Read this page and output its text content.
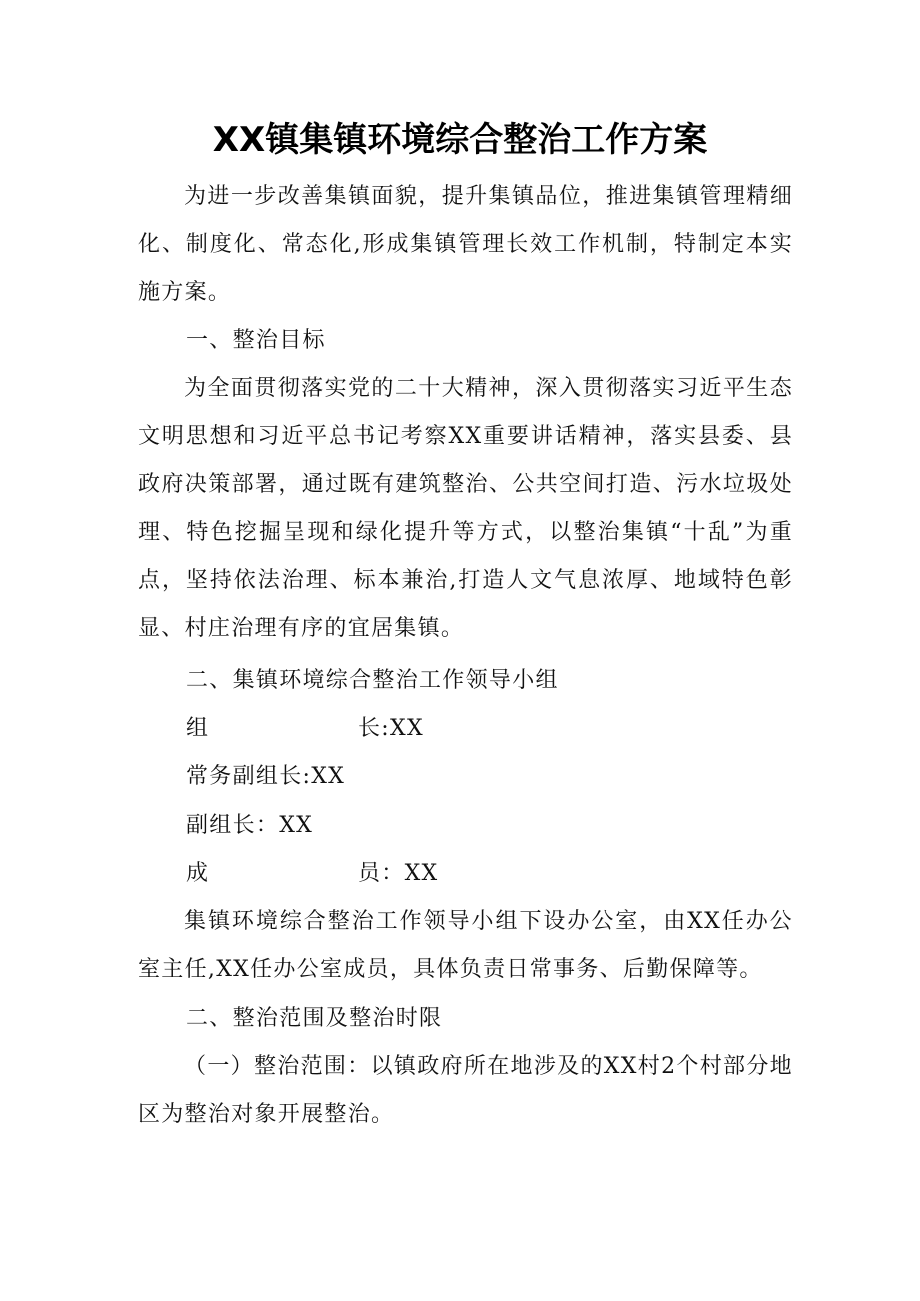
XX镇集镇环境综合整治工作方案

为进一步改善集镇面貌，提升集镇品位，推进集镇管理精细化、制度化、常态化,形成集镇管理长效工作机制，特制定本实施方案。

一、整治目标

为全面贯彻落实党的二十大精神，深入贯彻落实习近平生态文明思想和习近平总书记考察XX重要讲话精神，落实县委、县政府决策部署，通过既有建筑整治、公共空间打造、污水垃圾处理、特色挖掘呈现和绿化提升等方式，以整治集镇“十乱”为重点，坚持依法治理、标本兼治,打造人文气息浓厚、地域特色彰显、村庄治理有序的宜居集镇。

二、集镇环境综合整治工作领导小组

组	长:XX
常务副组长:XX
副组长：XX
成	员：XX

集镇环境综合整治工作领导小组下设办公室，由XX任办公室主任,XX任办公室成员，具体负责日常事务、后勤保障等。

二、整治范围及整治时限

（一）整治范围：以镇政府所在地涉及的XX村2个村部分地区为整治对象开展整治。
